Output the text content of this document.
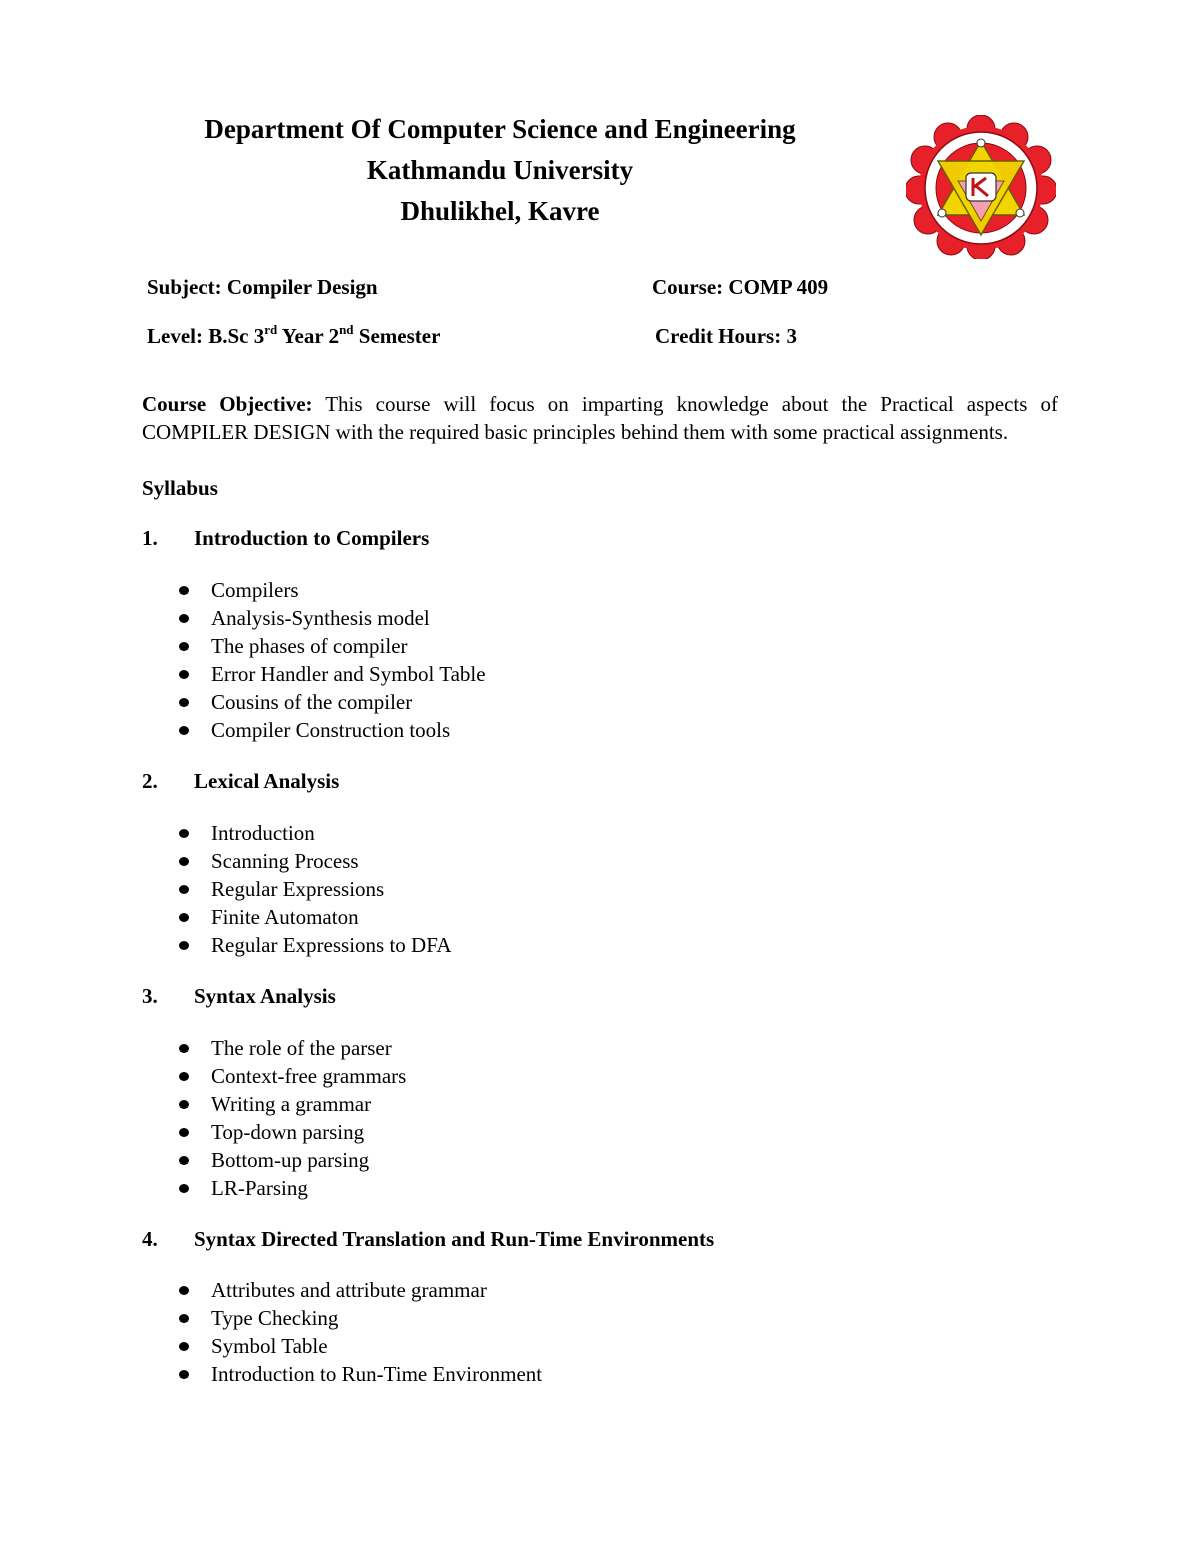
Department Of Computer Science and Engineering
Kathmandu University
Dhulikhel, Kavre
Subject: Compiler Design	Course: COMP 409
Level: B.Sc 3rd Year 2nd Semester	Credit Hours: 3
Course Objective: This course will focus on imparting knowledge about the Practical aspects of COMPILER DESIGN with the required basic principles behind them with some practical assignments.
Syllabus
1. Introduction to Compilers
Compilers
Analysis-Synthesis model
The phases of compiler
Error Handler and Symbol Table
Cousins of the compiler
Compiler Construction tools
2. Lexical Analysis
Introduction
Scanning Process
Regular Expressions
Finite Automaton
Regular Expressions to DFA
3. Syntax Analysis
The role of the parser
Context-free grammars
Writing a grammar
Top-down parsing
Bottom-up parsing
LR-Parsing
4. Syntax Directed Translation and Run-Time Environments
Attributes and attribute grammar
Type Checking
Symbol Table
Introduction to Run-Time Environment
